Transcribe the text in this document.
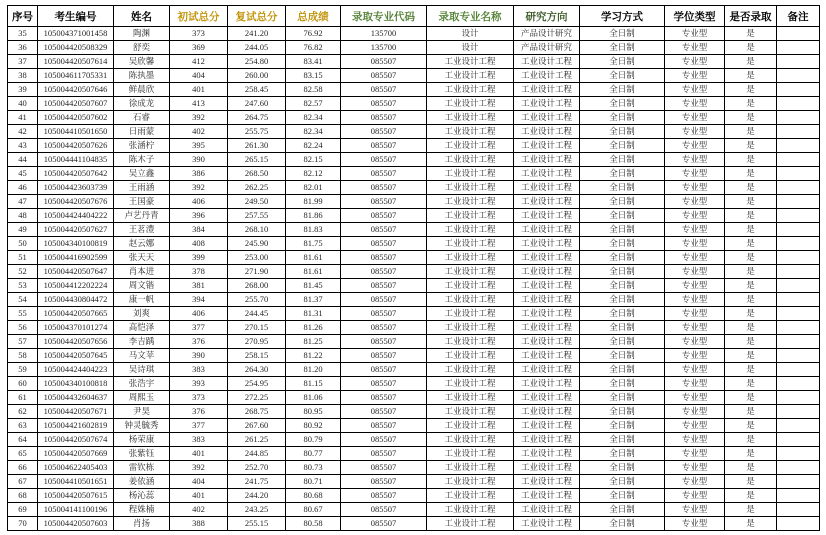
序号	考生编号	姓名	初试总分	复试总分	总成绩	录取专业代码	录取专业名称	研究方向	学习方式	学位类型	是否录取	备注
35	105004371001458	陶渊	373	241.20	76.92	135700	设计	产品设计研究	全日制	专业型	是	
36	105004420508329	舒奕	369	244.05	76.82	135700	设计	产品设计研究	全日制	专业型	是	
37	105004420507614	吴欣馨	412	254.80	83.41	085507	工业设计工程	工业设计工程	全日制	专业型	是	
38	105004611705331	陈执墨	404	260.00	83.15	085507	工业设计工程	工业设计工程	全日制	专业型	是	
39	105004420507646	鲜晨欣	401	258.45	82.58	085507	工业设计工程	工业设计工程	全日制	专业型	是	
40	105004420507607	徐成龙	413	247.60	82.57	085507	工业设计工程	工业设计工程	全日制	专业型	是	
41	105004420507602	石睿	392	264.75	82.34	085507	工业设计工程	工业设计工程	全日制	专业型	是	
42	105004410501650	日雨蒙	402	255.75	82.34	085507	工业设计工程	工业设计工程	全日制	专业型	是	
43	105004420507626	张涵柠	395	261.30	82.24	085507	工业设计工程	工业设计工程	全日制	专业型	是	
44	105004441104835	陈木子	390	265.15	82.15	085507	工业设计工程	工业设计工程	全日制	专业型	是	
45	105004420507642	吴立鑫	386	268.50	82.12	085507	工业设计工程	工业设计工程	全日制	专业型	是	
46	105004423603739	王雨涵	392	262.25	82.01	085507	工业设计工程	工业设计工程	全日制	专业型	是	
47	105004420507676	王国豪	406	249.50	81.99	085507	工业设计工程	工业设计工程	全日制	专业型	是	
48	105004424404222	卢艺丹青	396	257.55	81.86	085507	工业设计工程	工业设计工程	全日制	专业型	是	
49	105004420507627	王茗澧	384	268.10	81.83	085507	工业设计工程	工业设计工程	全日制	专业型	是	
50	105004340100819	赵云娜	408	245.90	81.75	085507	工业设计工程	工业设计工程	全日制	专业型	是	
51	105004416902599	张天天	399	253.00	81.61	085507	工业设计工程	工业设计工程	全日制	专业型	是	
52	105004420507647	肖本进	378	271.90	81.61	085507	工业设计工程	工业设计工程	全日制	专业型	是	
53	105004412202224	周文锴	381	268.00	81.45	085507	工业设计工程	工业设计工程	全日制	专业型	是	
54	105004430804472	康一帆	394	255.70	81.37	085507	工业设计工程	工业设计工程	全日制	专业型	是	
55	105004420507665	刘爽	406	244.45	81.31	085507	工业设计工程	工业设计工程	全日制	专业型	是	
56	105004370101274	高恺泽	377	270.15	81.26	085507	工业设计工程	工业设计工程	全日制	专业型	是	
57	105004420507656	李吉踽	376	270.95	81.25	085507	工业设计工程	工业设计工程	全日制	专业型	是	
58	105004420507645	马文苹	390	258.15	81.22	085507	工业设计工程	工业设计工程	全日制	专业型	是	
59	105004424404223	吴诗琪	383	264.30	81.20	085507	工业设计工程	工业设计工程	全日制	专业型	是	
60	105004340100818	张浩宇	393	254.95	81.15	085507	工业设计工程	工业设计工程	全日制	专业型	是	
61	105004432604637	周熙玉	373	272.25	81.06	085507	工业设计工程	工业设计工程	全日制	专业型	是	
62	105004420507671	尹昊	376	268.75	80.95	085507	工业设计工程	工业设计工程	全日制	专业型	是	
63	105004421602819	钟灵毓秀	377	267.60	80.92	085507	工业设计工程	工业设计工程	全日制	专业型	是	
64	105004420507674	杨荣康	383	261.25	80.79	085507	工业设计工程	工业设计工程	全日制	专业型	是	
65	105004420507669	张紫钰	401	244.85	80.77	085507	工业设计工程	工业设计工程	全日制	专业型	是	
66	105004622405403	雷钦栋	392	252.70	80.73	085507	工业设计工程	工业设计工程	全日制	专业型	是	
67	105004410501651	姜依涵	404	241.75	80.71	085507	工业设计工程	工业设计工程	全日制	专业型	是	
68	105004420507615	杨沁蕊	401	244.20	80.68	085507	工业设计工程	工业设计工程	全日制	专业型	是	
69	105004141100196	程姝楠	402	243.25	80.67	085507	工业设计工程	工业设计工程	全日制	专业型	是	
70	105004420507603	肖扬	388	255.15	80.58	085507	工业设计工程	工业设计工程	全日制	专业型	是	
